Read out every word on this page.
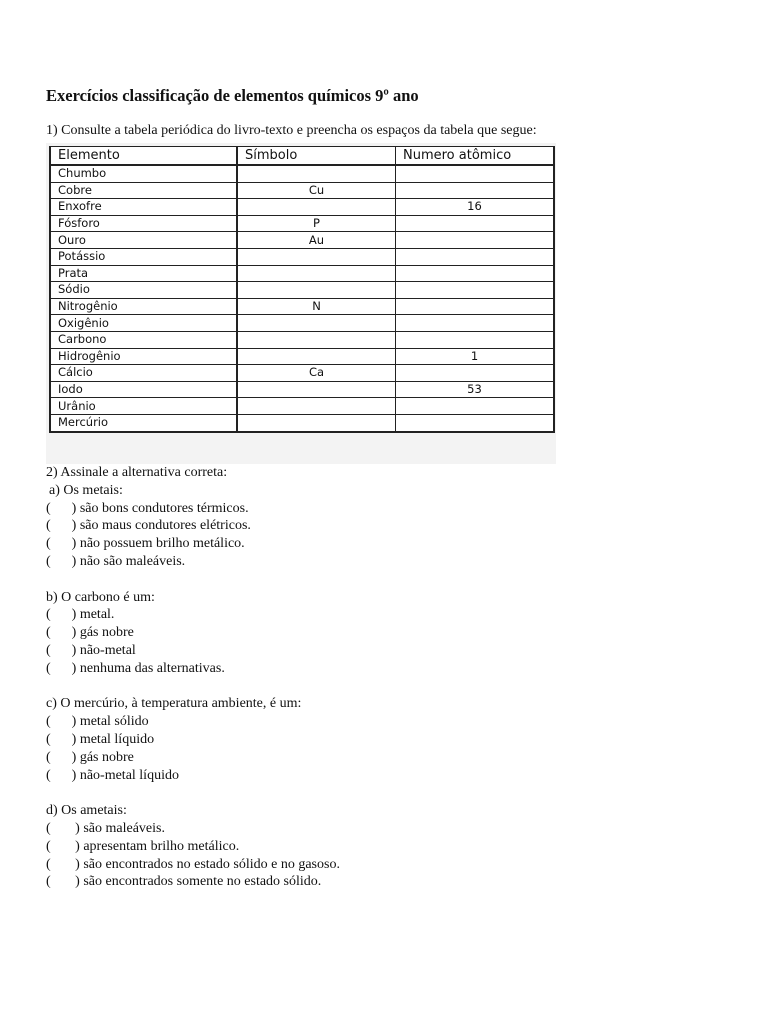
Exercícios classificação de elementos químicos 9º ano
1) Consulte a tabela periódica do livro-texto e preencha os espaços da tabela que segue:
Elemento	Símbolo	Numero atômico
Chumbo		
Cobre	Cu	
Enxofre		16
Fósforo	P	
Ouro	Au	
Potássio		
Prata		
Sódio		
Nitrogênio	N	
Oxigênio		
Carbono		
Hidrogênio		1
Cálcio	Ca	
Iodo		53
Urânio		
Mercúrio		
2) Assinale a alternativa correta:
a) Os metais:
(      ) são bons condutores térmicos.
(      ) são maus condutores elétricos.
(      ) não possuem brilho metálico.
(      ) não são maleáveis.
b) O carbono é um:
(      ) metal.
(      ) gás nobre
(      ) não-metal
(      ) nenhuma das alternativas.
c) O mercúrio, à temperatura ambiente, é um:
(      ) metal sólido
(      ) metal líquido
(      ) gás nobre
(      ) não-metal líquido
d) Os ametais:
(       ) são maleáveis.
(       ) apresentam brilho metálico.
(       ) são encontrados no estado sólido e no gasoso.
(       ) são encontrados somente no estado sólido.
